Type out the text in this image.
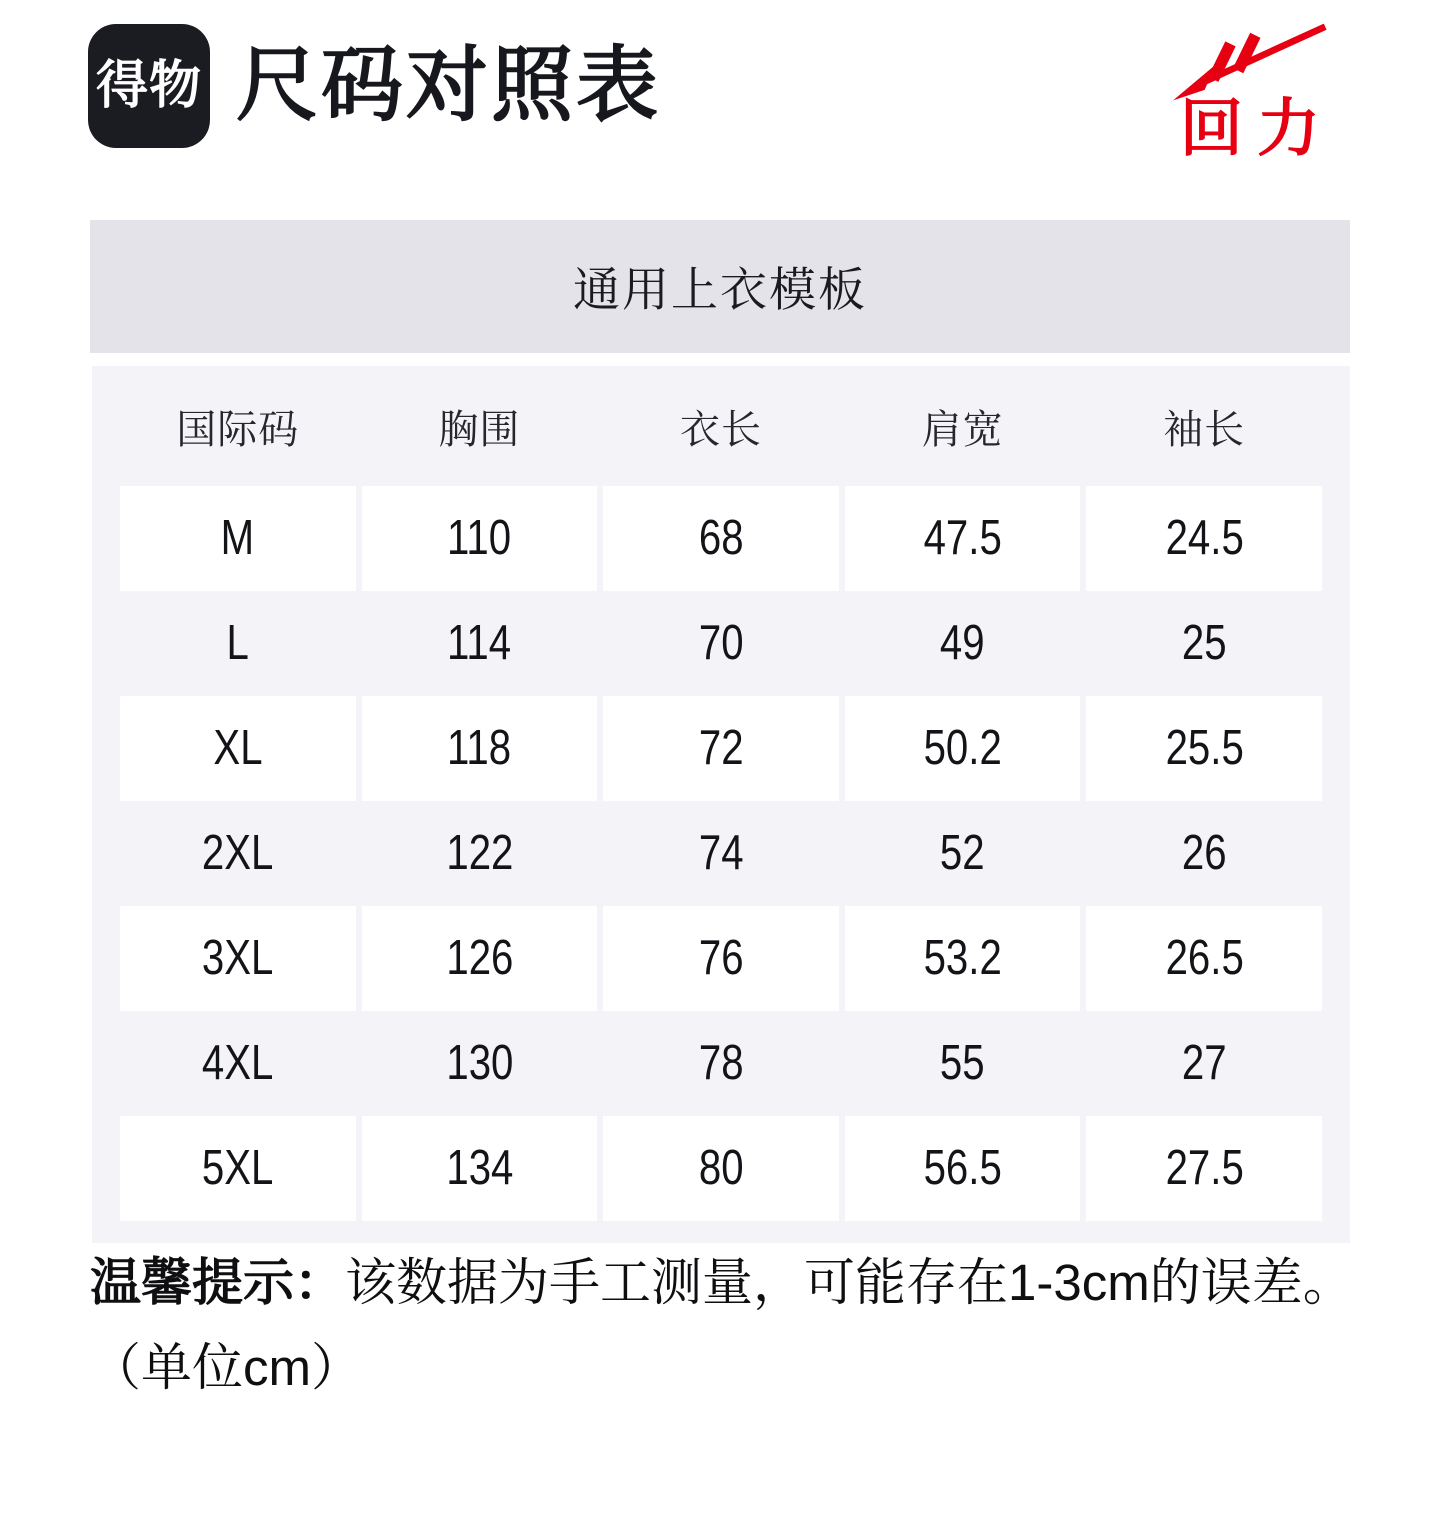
得物 尺码对照表	回力
通用上衣模板
国际码	胸围	衣长	肩宽	袖长
M	110	68	47.5	24.5
L	114	70	49	25
XL	118	72	50.2	25.5
2XL	122	74	52	26
3XL	126	76	53.2	26.5
4XL	130	78	55	27
5XL	134	80	56.5	27.5
温馨提示：该数据为手工测量，可能存在1-3cm的误差。
（单位cm）
